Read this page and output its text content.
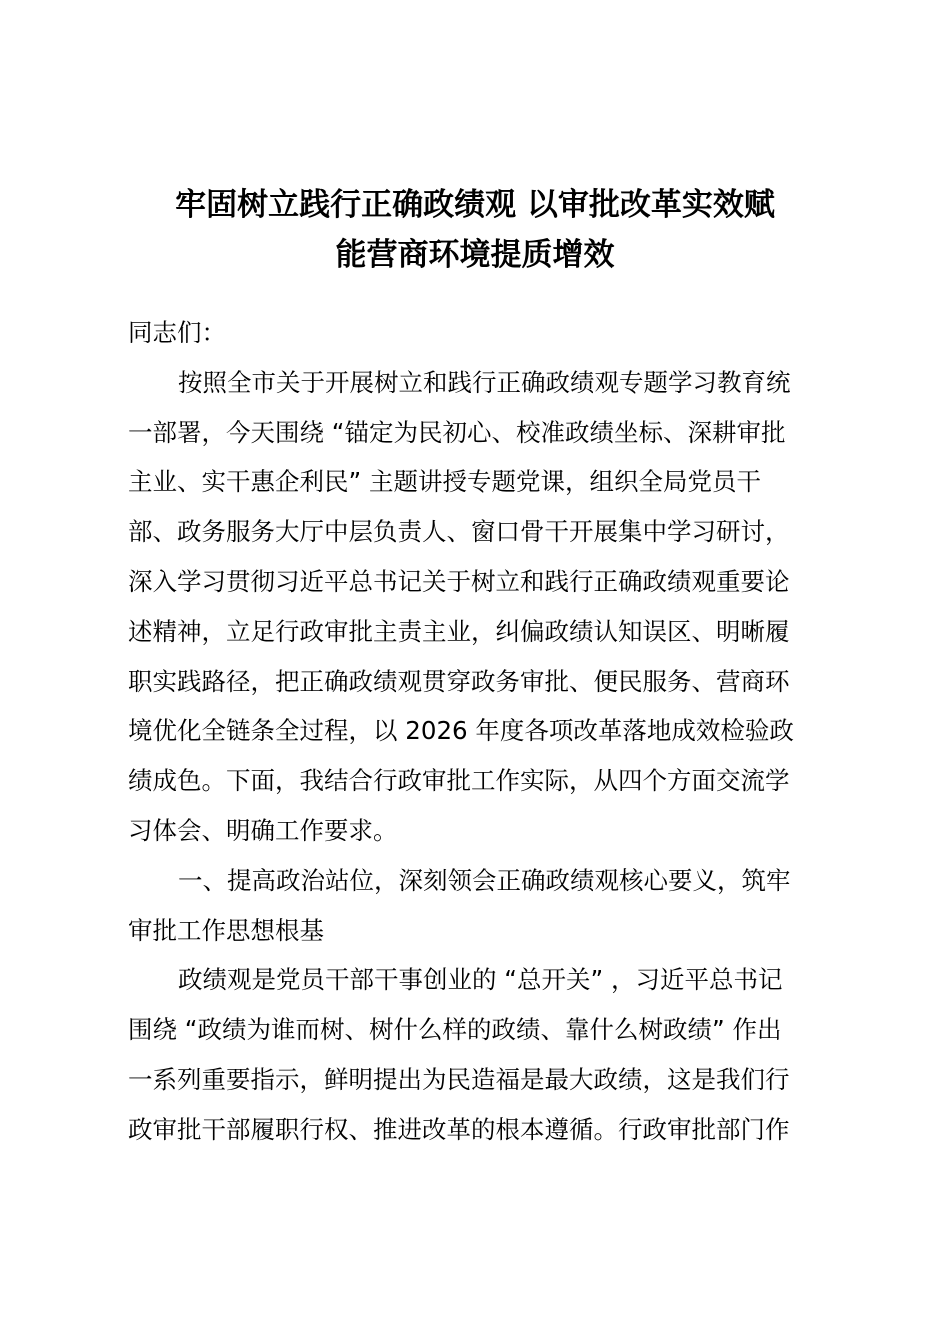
牢固树立践行正确政绩观 以审批改革实效赋
能营商环境提质增效
同志们：
按照全市关于开展树立和践行正确政绩观专题学习教育统
一部署，今天围绕 “锚定为民初心、校准政绩坐标、深耕审批
主业、实干惠企利民” 主题讲授专题党课，组织全局党员干
部、政务服务大厅中层负责人、窗口骨干开展集中学习研讨，
深入学习贯彻习近平总书记关于树立和践行正确政绩观重要论
述精神，立足行政审批主责主业，纠偏政绩认知误区、明晰履
职实践路径，把正确政绩观贯穿政务审批、便民服务、营商环
境优化全链条全过程，以 2026 年度各项改革落地成效检验政
绩成色。下面，我结合行政审批工作实际，从四个方面交流学
习体会、明确工作要求。
一、提高政治站位，深刻领会正确政绩观核心要义，筑牢
审批工作思想根基
政绩观是党员干部干事创业的 “总开关” ，习近平总书记
围绕 “政绩为谁而树、树什么样的政绩、靠什么树政绩” 作出
一系列重要指示，鲜明提出为民造福是最大政绩，这是我们行
政审批干部履职行权、推进改革的根本遵循。行政审批部门作
